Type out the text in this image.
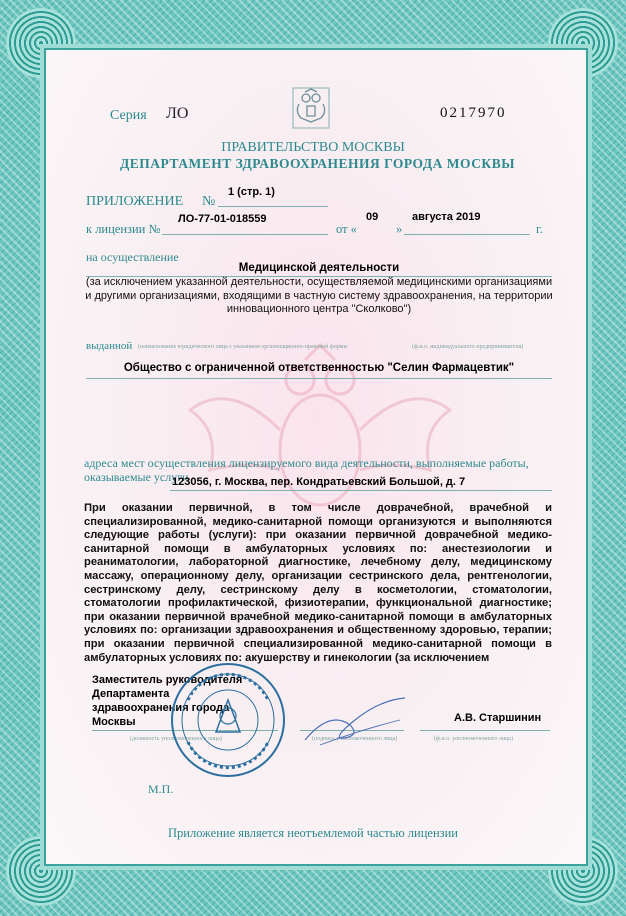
Серия ЛО	0217970
ПРАВИТЕЛЬСТВО МОСКВЫ
ДЕПАРТАМЕНТ ЗДРАВООХРАНЕНИЯ ГОРОДА МОСКВЫ
ПРИЛОЖЕНИЕ №
1 (стр. 1)
к лицензии №
ЛО-77-01-018559
от «
09
»
августа 2019
г.
на осуществление
Медицинской деятельности
(за исключением указанной деятельности, осуществляемой медицинскими организациями и другими организациями, входящими в частную систему здравоохранения, на территории инновационного центра "Сколково")
выданной (наименование юридического лица с указанием организационно-правовой формы	(ф.и.о. индивидуального предпринимателя)
Общество с ограниченной ответственностью "Селин Фармацевтик"
адреса мест осуществления лицензируемого вида деятельности, выполняемые работы,
оказываемые услуги
123056, г. Москва, пер. Кондратьевский Большой, д. 7
При оказании первичной, в том числе доврачебной, врачебной и специализированной, медико-санитарной помощи организуются и выполняются следующие работы (услуги): при оказании первичной доврачебной медико-санитарной помощи в амбулаторных условиях по: анестезиологии и реаниматологии, лабораторной диагностике, лечебному делу, медицинскому массажу, операционному делу, организации сестринского дела, рентгенологии, сестринскому делу, сестринскому делу в косметологии, стоматологии, стоматологии профилактической, физиотерапии, функциональной диагностике; при оказании первичной врачебной медико-санитарной помощи в амбулаторных условиях по: организации здравоохранения и общественному здоровью, терапии; при оказании первичной специализированной медико-санитарной помощи в амбулаторных условиях по: акушерству и гинекологии (за исключением
Заместитель руководителя
Департамента
здравоохранения города
Москвы	А.В. Старшинин
(должность уполномоченного лица)	(подпись уполномоченного лица)	(ф.и.о. уполномоченного лица)
М.П.
Приложение является неотъемлемой частью лицензии
